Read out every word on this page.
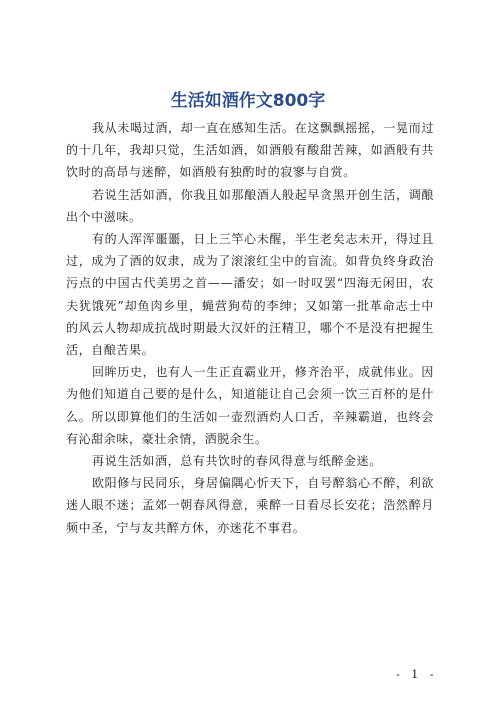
生活如酒作文800字

我从未喝过酒，却一直在感知生活。在这飘飘摇摇，一晃而过的十几年，我却只觉，生活如酒，如酒般有酸甜苦辣，如酒般有共饮时的高昂与迷醉，如酒般有独酌时的寂寥与自赏。

若说生活如酒，你我且如那酿酒人般起早贪黑开创生活，调酿出个中滋味。

有的人浑浑噩噩，日上三竿心未醒，半生老矣志未开，得过且过，成为了酒的奴隶，成为了滚滚红尘中的盲流。如背负终身政治污点的中国古代美男之首——潘安；如一时叹罢“四海无闲田，农夫犹饿死”却鱼肉乡里，蝇营狗苟的李绅；又如第一批革命志士中的风云人物却成抗战时期最大汉奸的汪精卫，哪个不是没有把握生活，自酿苦果。

回眸历史，也有人一生正直霸业开，修齐治平，成就伟业。因为他们知道自己要的是什么，知道能让自己会须一饮三百杯的是什么。所以即算他们的生活如一壶烈酒灼人口舌，辛辣霸道，也终会有沁甜余味，豪壮余情，洒脱余生。

再说生活如酒，总有共饮时的春风得意与纸醉金迷。

欧阳修与民同乐，身居偏隅心忻天下，自号醉翁心不醉，利欲迷人眼不迷；孟郊一朝春风得意，乘醉一日看尽长安花；浩然醉月频中圣，宁与友共醉方休，亦迷花不事君。

- 1 -
